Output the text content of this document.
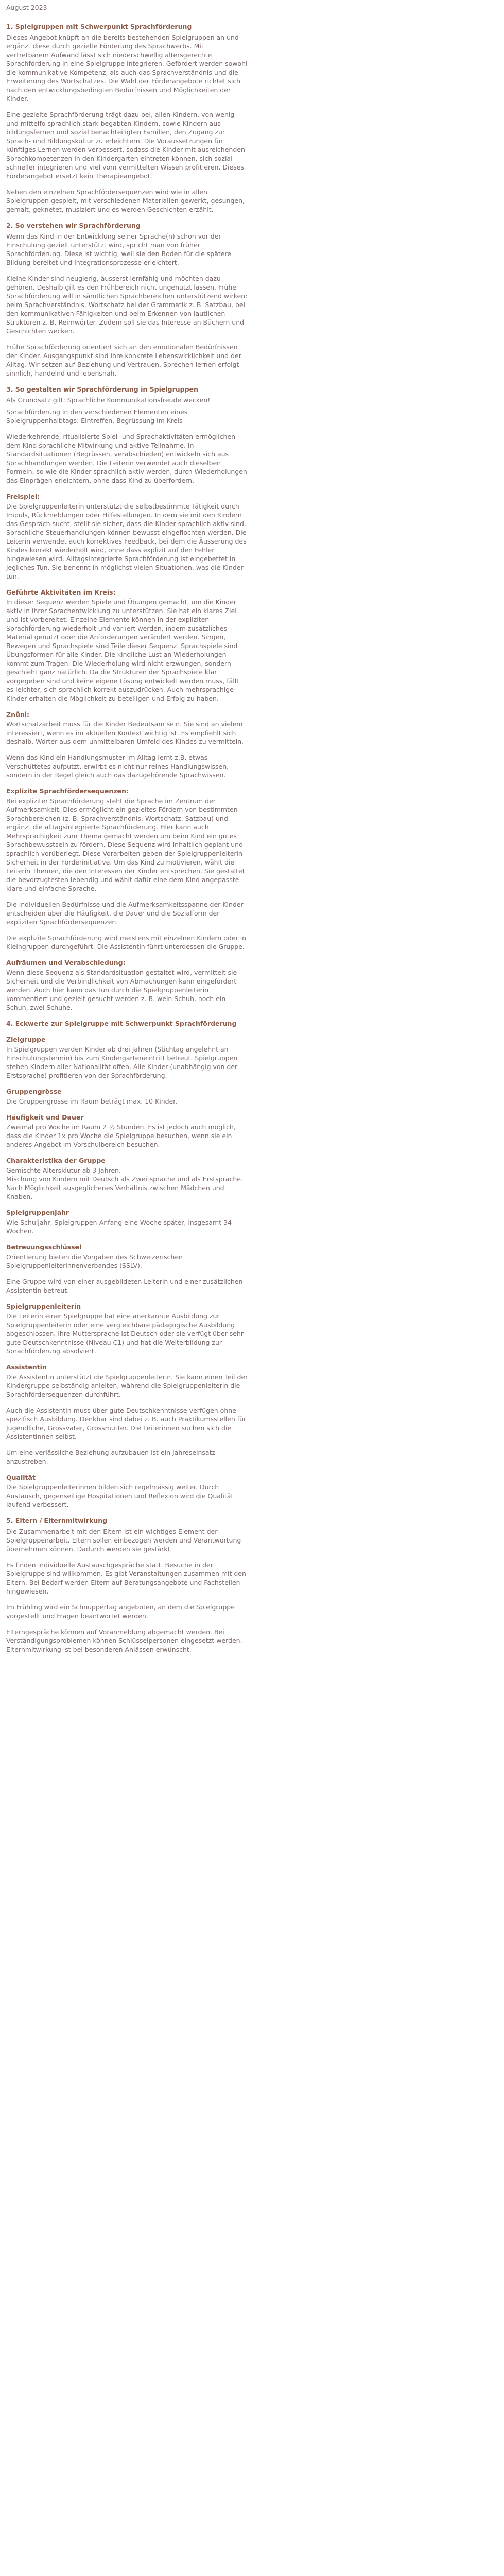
August 2023
1. Spielgruppen mit Schwerpunkt Sprachförderung

Dieses Angebot knüpft an die bereits bestehenden Spielgruppen an und ergänzt diese durch gezielte Förderung des Sprachwerbs. Mit vertretbarem Aufwand lässt sich niederschwellig altersgerechte Sprachförderung in eine Spielgruppe integrieren. Gefördert werden sowohl die kommunikative Kompetenz, als auch das Sprachverständnis und die Erweiterung des Wortschatzes. Die Wahl der Förderangebote richtet sich nach den entwicklungsbedingten Bedürfnissen und Möglichkeiten der Kinder.

Eine gezielte Sprachförderung trägt dazu bei, allen Kindern, von wenig- und mittelfo sprachlich stark begabten Kindern, sowie Kindern aus bildungsfernen und sozial benachteiligten Familien, den Zugang zur Sprach- und Bildungskultur zu erleichtern. Die Voraussetzungen für künftiges Lernen werden verbessert, sodass die Kinder mit ausreichenden Sprachkompetenzen in den Kindergarten eintreten können, sich sozial schneller integrieren und viel vom vermittelten Wissen profitieren. Dieses Förderangebot ersetzt kein Therapieangebot.

Neben den einzelnen Sprachfördersequenzen wird wie in allen Spielgruppen gespielt, mit verschiedenen Materialien gewerkt, gesungen, gemalt, geknetet, musiziert und es werden Geschichten erzählt.

2. So verstehen wir Sprachförderung

Wenn das Kind in der Entwicklung seiner Sprache(n) schon vor der Einschulung gezielt unterstützt wird, spricht man von früher Sprachförderung. Diese ist wichtig, weil sie den Boden für die spätere Bildung bereitet und Integrationsprozesse erleichtert.

Kleine Kinder sind neugierig, äusserst lernfähig und möchten dazu gehören. Deshalb gilt es den Frühbereich nicht ungenutzt lassen. Frühe Sprachförderung will in sämtlichen Sprachbereichen unterstützend wirken: beim Sprachverständnis, Wortschatz bei der Grammatik z. B. Satzbau, bei den kommunikativen Fähigkeiten und beim Erkennen von lautlichen Strukturen z. B. Reimwörter. Zudem soll sie das Interesse an Büchern und Geschichten wecken.

Frühe Sprachförderung orientiert sich an den emotionalen Bedürfnissen der Kinder. Ausgangspunkt sind ihre konkrete Lebenswirklichkeit und der Alltag. Wir setzen auf Beziehung und Vertrauen. Sprechen lernen erfolgt sinnlich, handelnd und lebensnah.

3. So gestalten wir Sprachförderung in Spielgruppen

Als Grundsatz gilt: Sprachliche Kommunikationsfreude wecken!

Sprachförderung in den verschiedenen Elementen eines Spielgruppenhalbtags: Eintreffen, Begrüssung im Kreis

Wiederkehrende, ritualisierte Spiel- und Sprachaktivitäten ermöglichen dem Kind sprachliche Mitwirkung und aktive Teilnahme. In Standardsituationen (Begrüssen, verabschieden) entwickeln sich aus Sprachhandlungen werden. Die Leiterin verwendet auch dieselben Formeln, so wie die Kinder sprachlich aktiv werden, durch Wiederholungen das Einprägen erleichtern, ohne dass Kind zu überfordern.

Freispiel:

Die Spielgruppenleiterin unterstützt die selbstbestimmte Tätigkeit durch Impuls, Rückmeldungen oder Hilfestellungen. In dem sie mit den Kindern das Gespräch sucht, stellt sie sicher, dass die Kinder sprachlich aktiv sind. Sprachliche Steuerhandlungen können bewusst eingeflochten werden. Die Leiterin verwendet auch korrektives Feedback, bei dem die Äusserung des Kindes korrekt wiederholt wird, ohne dass explizit auf den Fehler hingewiesen wird. Alltagsintegrierte Sprachförderung ist eingebettet in jegliches Tun. Sie benennt in möglichst vielen Situationen, was die Kinder tun.

Geführte Aktivitäten im Kreis:

In dieser Sequenz werden Spiele und Übungen gemacht, um die Kinder aktiv in ihrer Sprachentwicklung zu unterstützen. Sie hat ein klares Ziel und ist vorbereitet. Einzelne Elemente können in der expliziten Sprachförderung wiederholt und variiert werden, indem zusätzliches Material genutzt oder die Anforderungen verändert werden. Singen, Bewegen und Sprachspiele sind Teile dieser Sequenz. Sprachspiele sind Übungsformen für alle Kinder. Die kindliche Lust an Wiederholungen kommt zum Tragen. Die Wiederholung wird nicht erzwungen, sondern geschieht ganz natürlich. Da die Strukturen der Sprachspiele klar vorgegeben sind und keine eigene Lösung entwickelt werden muss, fällt es leichter, sich sprachlich korrekt auszudrücken. Auch mehrsprachige Kinder erhalten die Möglichkeit zu beteiligen und Erfolg zu haben.

Znüni:

Wortschatzarbeit muss für die Kinder Bedeutsam sein. Sie sind an vielem interessiert, wenn es im aktuellen Kontext wichtig ist. Es empfiehlt sich deshalb, Wörter aus dem unmittelbaren Umfeld des Kindes zu vermitteln.

Wenn das Kind ein Handlungsmuster im Alltag lernt z.B. etwas Verschüttetes aufputzt, erwirbt es nicht nur reines Handlungswissen, sondern in der Regel gleich auch das dazugehörende Sprachwissen.

Explizite Sprachfördersequenzen:

Bei expliziter Sprachförderung steht die Sprache im Zentrum der Aufmerksamkeit. Dies ermöglicht ein gezieltes Fördern von bestimmten Sprachbereichen (z. B. Sprachverständnis, Wortschatz, Satzbau) und ergänzt die alltagsintegrierte Sprachförderung. Hier kann auch Mehrsprachigkeit zum Thema gemacht werden um beim Kind ein gutes Sprachbewusstsein zu fördern. Diese Sequenz wird inhaltlich geplant und sprachlich vorüberlegt. Diese Vorarbeiten geben der Spielgruppenleiterin Sicherheit in der Förderinitiative. Um das Kind zu motivieren, wählt die Leiterin Themen, die den Interessen der Kinder entsprechen. Sie gestaltet die bevorzugtesten lebendig und wählt dafür eine dem Kind angepasste klare und einfache Sprache.

Die individuellen Bedürfnisse und die Aufmerksamkeitsspanne der Kinder entscheiden über die Häufigkeit, die Dauer und die Sozialform der expliziten Sprachfördersequenzen.

Die explizite Sprachförderung wird meistens mit einzelnen Kindern oder in Kleingruppen durchgeführt. Die Assistentin führt unterdessen die Gruppe.

Aufräumen und Verabschiedung:

Wenn diese Sequenz als Standardsituation gestaltet wird, vermittelt sie Sicherheit und die Verbindlichkeit von Abmachungen kann eingefordert werden. Auch hier kann das Tun durch die Spielgruppenleiterin kommentiert und gezielt gesucht werden z. B. wein Schuh, noch ein Schuh, zwei Schuhe.

4. Eckwerte zur Spielgruppe mit Schwerpunkt Sprachförderung
Zielgruppe

In Spielgruppen werden Kinder ab drei Jahren (Stichtag angelehnt an Einschulungstermin) bis zum Kindergarteneintritt betreut. Spielgruppen stehen Kindern aller Nationalität offen. Alle Kinder (unabhängig von der Erstsprache) profitieren von der Sprachförderung.

Gruppengrösse

Die Gruppengrösse im Raum beträgt max. 10 Kinder.

Häufigkeit und Dauer

Zweimal pro Woche im Raum 2 ½ Stunden. Es ist jedoch auch möglich, dass die Kinder 1x pro Woche die Spielgruppe besuchen, wenn sie ein anderes Angebot im Vorschulbereich besuchen.

Charakteristika der Gruppe

Gemischte Altersklutur ab 3 Jahren.
Mischung von Kindern mit Deutsch als Zweitsprache und als Erstsprache.
Nach Möglichkeit ausgeglichenes Verhältnis zwischen Mädchen und Knaben.

Spielgruppenjahr

Wie Schuljahr, Spielgruppen-Anfang eine Woche später, insgesamt 34 Wochen.

Betreuungsschlüssel

Orientierung bieten die Vorgaben des Schweizerischen Spielgruppenleiterinnenverbandes (SSLV).

Eine Gruppe wird von einer ausgebildeten Leiterin und einer zusätzlichen Assistentin betreut.

Spielgruppenleiterin

Die Leiterin einer Spielgruppe hat eine anerkannte Ausbildung zur Spielgruppenleiterin oder eine vergleichbare pädagogische Ausbildung abgeschlossen. Ihre Muttersprache ist Deutsch oder sie verfügt über sehr gute Deutschkenntnisse (Niveau C1) und hat die Weiterbildung zur Sprachförderung absolviert.

Assistentin

Die Assistentin unterstützt die Spielgruppenleiterin. Sie kann einen Teil der Kindergruppe selbständig anleiten, während die Spielgruppenleiterin die Sprachfördersequenzen durchführt.

Auch die Assistentin muss über gute Deutschkenntnisse verfügen ohne spezifisch Ausbildung. Denkbar sind dabei z. B. auch Praktikumsstellen für Jugendliche, Grossvater, Grossmutter. Die Leiterinnen suchen sich die Assistentinnen selbst.

Um eine verlässliche Beziehung aufzubauen ist ein Jahreseinsatz anzustreben.

Qualität

Die Spielgruppenleiterinnen bilden sich regelmässig weiter. Durch Austausch, gegenseitige Hospitationen und Reflexion wird die Qualität laufend verbessert.

5. Eltern / Elternmitwirkung

Die Zusammenarbeit mit den Eltern ist ein wichtiges Element der Spielgruppenarbeit. Eltern sollen einbezogen werden und Verantwortung übernehmen können. Dadurch werden sie gestärkt.

Es finden individuelle Austauschgespräche statt. Besuche in der Spielgruppe sind willkommen. Es gibt Veranstaltungen zusammen mit den Eltern. Bei Bedarf werden Eltern auf Beratungsangebote und Fachstellen hingewiesen.

Im Frühling wird ein Schnuppertag angeboten, an dem die Spielgruppe vorgestellt und Fragen beantwortet werden.

Elterngespräche können auf Voranmeldung abgemacht werden. Bei Verständigungsproblemen können Schlüsselpersonen eingesetzt werden. Elternmitwirkung ist bei besonderen Anlässen erwünscht.
